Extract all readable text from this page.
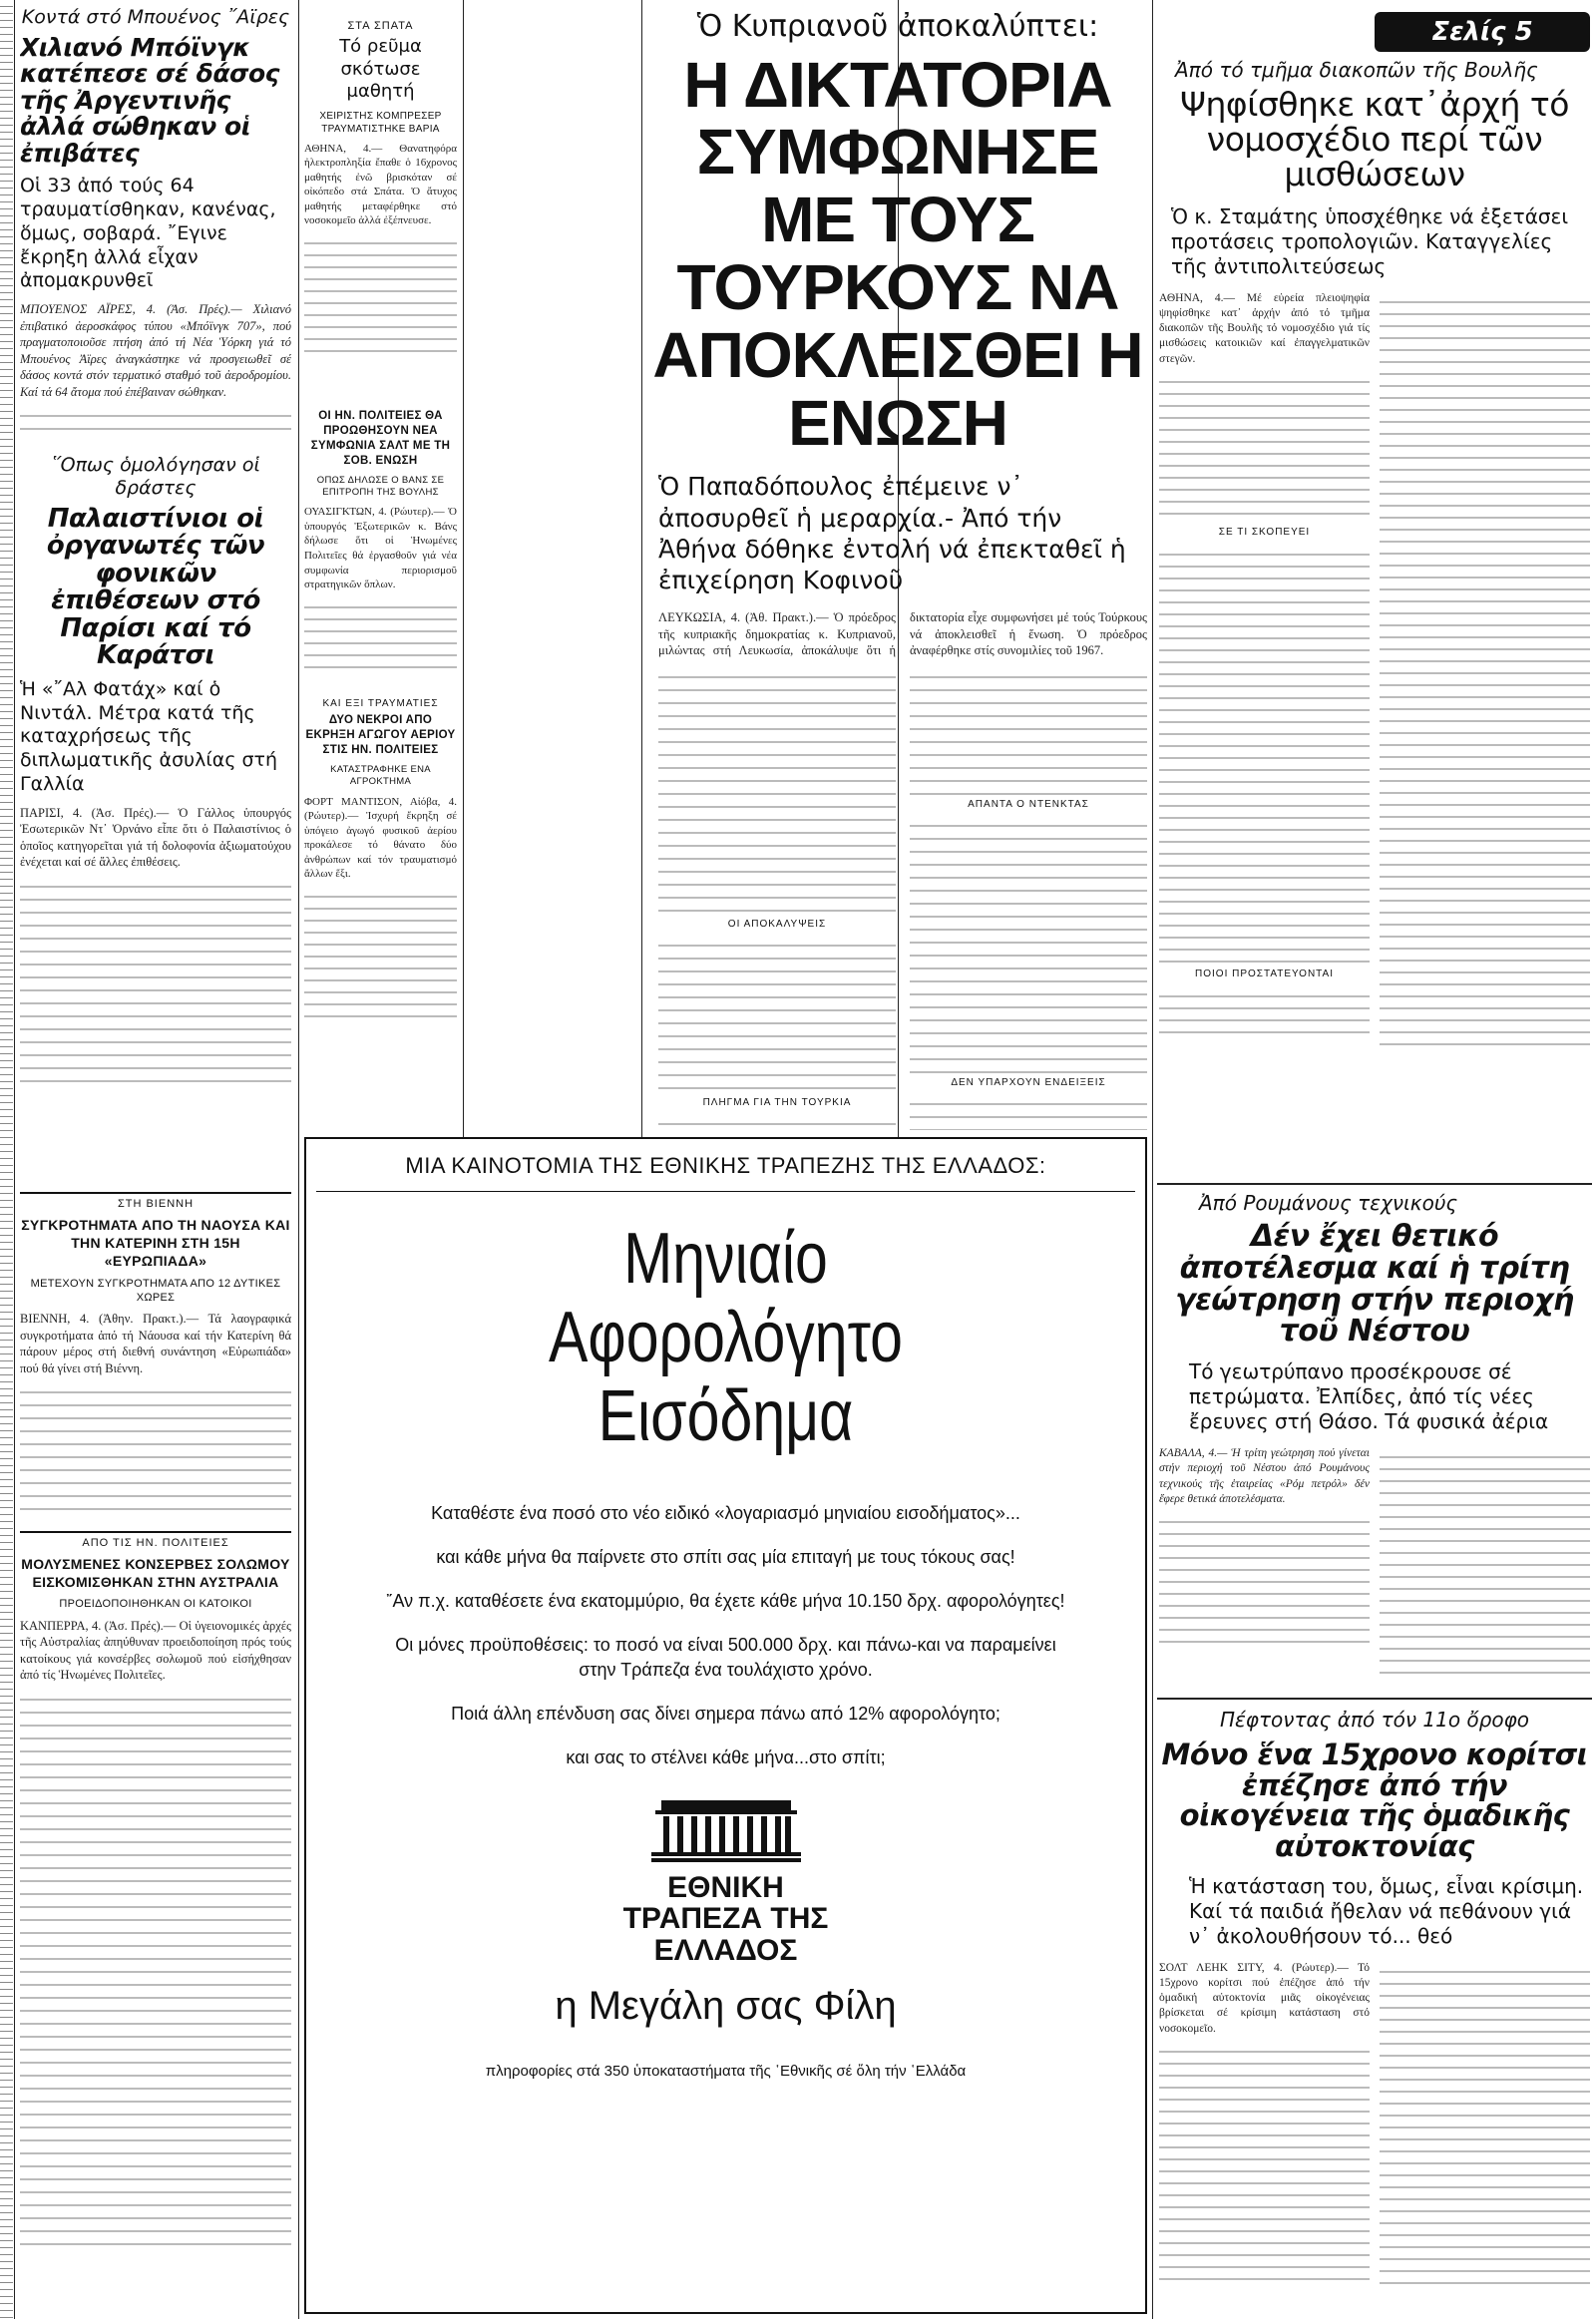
Κοντά στό Μπουένος ῎Αϊρες
Χιλιανό Μπόϊνγκ κατέπεσε σέ δάσος τῆς Ἀργεντινῆς ἀλλά σώθηκαν οἱ ἐπιβάτες
Οἱ 33 ἀπό τούς 64 τραυματίσθηκαν, κανένας, ὅμως, σοβαρά. ῎Εγινε ἔκρηξη ἀλλά εἶχαν ἀπομακρυνθεῖ
ΜΠΟΥΕΝΟΣ ΑΪΡΕΣ, 4. (Ἀσ. Πρές).— Χιλιανό ἐπιβατικό ἀεροσκάφος τύπου «Μπόϊνγκ 707», πού πραγματοποιοῦσε πτήση ἀπό τή Νέα Ὑόρκη γιά τό Μπουένος Ἀϊρες ἀναγκάστηκε νά προσγειωθεῖ σέ δάσος κοντά στόν τερματικό σταθμό τοῦ ἀεροδρομίου. Καί τά 64 ἄτομα πού ἐπέβαιναν σώθηκαν.
῞Οπως ὁμολόγησαν οἱ δράστες
Παλαιστίνιοι οἱ ὀργανωτές τῶν φονικῶν ἐπιθέσεων στό Παρίσι καί τό Καράτσι
Ἡ «῎Αλ Φατάχ» καί ὁ Νιντάλ. Μέτρα κατά τῆς καταχρήσεως τῆς διπλωματικῆς ἀσυλίας στή Γαλλία
ΠΑΡΙΣΙ, 4. (Ἀσ. Πρές).— Ὁ Γάλλος ὑπουργός Ἐσωτερικῶν Ντ᾽ Ὀρνάνο εἶπε ὅτι ὁ Παλαιστίνιος ὁ ὁποῖος κατηγορεῖται γιά τή δολοφονία ἀξιωματούχου ἐνέχεται καί σέ ἄλλες ἐπιθέσεις.
ΣΤΗ ΒΙΕΝΝΗ
ΣΥΓΚΡΟΤΗΜΑΤΑ ΑΠΟ ΤΗ ΝΑΟΥΣΑ ΚΑΙ ΤΗΝ ΚΑΤΕΡΙΝΗ ΣΤΗ 15Η «ΕΥΡΩΠΙΑΔΑ»
ΜΕΤΕΧΟΥΝ ΣΥΓΚΡΟΤΗΜΑΤΑ ΑΠΟ 12 ΔΥΤΙΚΕΣ ΧΩΡΕΣ
ΒΙΕΝΝΗ, 4. (Ἀθην. Πρακτ.).— Τά λαογραφικά συγκροτήματα ἀπό τή Νάουσα καί τήν Κατερίνη θά πάρουν μέρος στή διεθνή συνάντηση «Εὐρωπιάδα» πού θά γίνει στή Βιέννη.
ΑΠΟ ΤΙΣ ΗΝ. ΠΟΛΙΤΕΙΕΣ
ΜΟΛΥΣΜΕΝΕΣ ΚΟΝΣΕΡΒΕΣ ΣΟΛΩΜΟΥ ΕΙΣΚΟΜΙΣΘΗΚΑΝ ΣΤΗΝ ΑΥΣΤΡΑΛΙΑ
ΠΡΟΕΙΔΟΠΟΙΗΘΗΚΑΝ ΟΙ ΚΑΤΟΙΚΟΙ
ΚΑΝΠΕΡΡΑ, 4. (Ἀσ. Πρές).— Οἱ ὑγειονομικές ἀρχές τῆς Αὐστραλίας ἀπηύθυναν προειδοποίηση πρός τούς κατοίκους γιά κονσέρβες σολωμοῦ πού εἰσήχθησαν ἀπό τίς Ἡνωμένες Πολιτεῖες.
ΣΤΑ ΣΠΑΤΑ
Τό ρεῦμα σκότωσε μαθητή
ΧΕΙΡΙΣΤΗΣ ΚΟΜΠΡΕΣΕΡ ΤΡΑΥΜΑΤΙΣΤΗΚΕ ΒΑΡΙΑ
ΑΘΗΝΑ, 4.— Θανατηφόρα ἠλεκτροπληξία ἔπαθε ὁ 16χρονος μαθητής ἐνῶ βρισκόταν σέ οἰκόπεδο στά Σπάτα. Ὁ ἄτυχος μαθητής μεταφέρθηκε στό νοσοκομεῖο ἀλλά ἐξέπνευσε.
ΟΙ ΗΝ. ΠΟΛΙΤΕΙΕΣ ΘΑ ΠΡΟΩΘΗΣΟΥΝ ΝΕΑ ΣΥΜΦΩΝΙΑ ΣΑΛΤ ΜΕ ΤΗ ΣΟΒ. ΕΝΩΣΗ
ΟΠΩΣ ΔΗΛΩΣΕ Ο ΒΑΝΣ ΣΕ ΕΠΙΤΡΟΠΗ ΤΗΣ ΒΟΥΛΗΣ
ΟΥΑΣΙΓΚΤΩΝ, 4. (Ρώυτερ).— Ὁ ὑπουργός Ἐξωτερικῶν κ. Βάνς δήλωσε ὅτι οἱ Ἡνωμένες Πολιτεῖες θά ἐργασθοῦν γιά νέα συμφωνία περιορισμοῦ στρατηγικῶν ὅπλων.
ΚΑΙ ΕΞΙ ΤΡΑΥΜΑΤΙΕΣ
ΔΥΟ ΝΕΚΡΟΙ ΑΠΟ ΕΚΡΗΞΗ ΑΓΩΓΟΥ ΑΕΡΙΟΥ ΣΤΙΣ ΗΝ. ΠΟΛΙΤΕΙΕΣ
ΚΑΤΑΣΤΡΑΦΗΚΕ ΕΝΑ ΑΓΡΟΚΤΗΜΑ
ΦΟΡΤ ΜΑΝΤΙΣΟΝ, Αἰόβα, 4. (Ρώυτερ).— Ἰσχυρή ἔκρηξη σέ ὑπόγειο ἀγωγό φυσικοῦ ἀερίου προκάλεσε τό θάνατο δύο ἀνθρώπων καί τόν τραυματισμό ἄλλων ἕξι.
Ὁ Κυπριανοῦ ἀποκαλύπτει:
Η ΔΙΚΤΑΤΟΡΙΑ ΣΥΜΦΩΝΗΣΕ ΜΕ ΤΟΥΣ ΤΟΥΡΚΟΥΣ ΝΑ ΑΠΟΚΛΕΙΣΘΕΙ Η ΕΝΩΣΗ
Ὁ Παπαδόπουλος ἐπέμεινε ν᾽ ἀποσυρθεῖ ἡ μεραρχία.- Ἀπό τήν Ἀθήνα δόθηκε ἐντολή νά ἐπεκταθεῖ ἡ ἐπιχείρηση Κοφινοῦ
ΛΕΥΚΩΣΙΑ, 4. (Ἀθ. Πρακτ.).— Ὁ πρόεδρος τῆς κυπριακῆς δημοκρατίας κ. Κυπριανοῦ, μιλώντας στή Λευκωσία, ἀποκάλυψε ὅτι ἡ δικτατορία εἶχε συμφωνήσει μέ τούς Τούρκους νά ἀποκλεισθεῖ ἡ ἕνωση. Ὁ πρόεδρος ἀναφέρθηκε στίς συνομιλίες τοῦ 1967.
ΟΙ ΑΠΟΚΑΛΥΨΕΙΣ
ΠΛΗΓΜΑ ΓΙΑ ΤΗΝ ΤΟΥΡΚΙΑ
ΑΠΑΝΤΑ Ο ΝΤΕΝΚΤΑΣ
ΔΕΝ ΥΠΑΡΧΟΥΝ ΕΝΔΕΙΞΕΙΣ
ΜΙΑ ΚΑΙΝΟΤΟΜΙΑ ΤΗΣ ΕΘΝΙΚΗΣ ΤΡΑΠΕΖΗΣ ΤΗΣ ΕΛΛΑΔΟΣ:
Μηνιαίο
Αφορολόγητο
Εισόδημα

Καταθέστε ένα ποσό στο νέο ειδικό «λογαριασμό μηνιαίου εισοδήματος»...

και κάθε μήνα θα παίρνετε στο σπίτι σας μία επιταγή με τους τόκους σας!

῎Αν π.χ. καταθέσετε ένα εκατομμύριο, θα έχετε κάθε μήνα 10.150 δρχ. αφορολόγητες!

Οι μόνες προϋποθέσεις: το ποσό να είναι 500.000 δρχ. και πάνω-και να παραμείνει στην Τράπεζα ένα τουλάχιστο χρόνο.

Ποιά άλλη επένδυση σας δίνει σημερα πάνω από 12% αφορολόγητο;

και σας το στέλνει κάθε μήνα...στο σπίτι;

ΕΘΝΙΚΗ ΤΡΑΠΕΖΑ ΤΗΣ ΕΛΛΑΔΟΣ
η Μεγάλη σας Φίλη
πληροφορίες στά 350 ὑποκαταστήματα τῆς ῾Εθνικῆς σέ ὅλη τήν ῾Ελλάδα
Σελίς 5
Ἀπό τό τμῆμα διακοπῶν τῆς Βουλῆς
Ψηφίσθηκε κατ᾽ἀρχή τό νομοσχέδιο περί τῶν μισθώσεων
Ὁ κ. Σταμάτης ὑποσχέθηκε νά ἐξετάσει προτάσεις τροπολογιῶν. Καταγγελίες τῆς ἀντιπολιτεύσεως
ΑΘΗΝΑ, 4.— Μέ εὐρεία πλειοψηφία ψηφίσθηκε κατ᾽ ἀρχήν ἀπό τό τμῆμα διακοπῶν τῆς Βουλῆς τό νομοσχέδιο γιά τίς μισθώσεις κατοικιῶν καί ἐπαγγελματικῶν στεγῶν.
ΣΕ ΤΙ ΣΚΟΠΕΥΕΙ
ΠΟΙΟΙ ΠΡΟΣΤΑΤΕΥΟΝΤΑΙ
Ἀπό Ρουμάνους τεχνικούς
Δέν ἔχει θετικό ἀποτέλεσμα καί ἡ τρίτη γεώτρηση στήν περιοχή τοῦ Νέστου
Τό γεωτρύπανο προσέκρουσε σέ πετρώματα. Ἐλπίδες, ἀπό τίς νέες ἔρευνες στή Θάσο. Τά φυσικά ἀέρια
ΚΑΒΑΛΑ, 4.— Ἡ τρίτη γεώτρηση πού γίνεται στήν περιοχή τοῦ Νέστου ἀπό Ρουμάνους τεχνικούς τῆς ἑταιρείας «Ρόμ πετρόλ» δέν ἔφερε θετικά ἀποτελέσματα.
Πέφτοντας ἀπό τόν 11ο ὄροφο
Μόνο ἕνα 15χρονο κορίτσι ἐπέζησε ἀπό τήν οἰκογένεια τῆς ὁμαδικῆς αὐτοκτονίας
Ἡ κατάσταση του, ὅμως, εἶναι κρίσιμη. Καί τά παιδιά ἤθελαν νά πεθάνουν γιά ν᾽ ἀκολουθήσουν τό... θεό
ΣΟΛΤ ΛΕΗΚ ΣΙΤΥ, 4. (Ρώυτερ).— Τό 15χρονο κορίτσι πού ἐπέζησε ἀπό τήν ὁμαδική αὐτοκτονία μιᾶς οἰκογένειας βρίσκεται σέ κρίσιμη κατάσταση στό νοσοκομεῖο.
